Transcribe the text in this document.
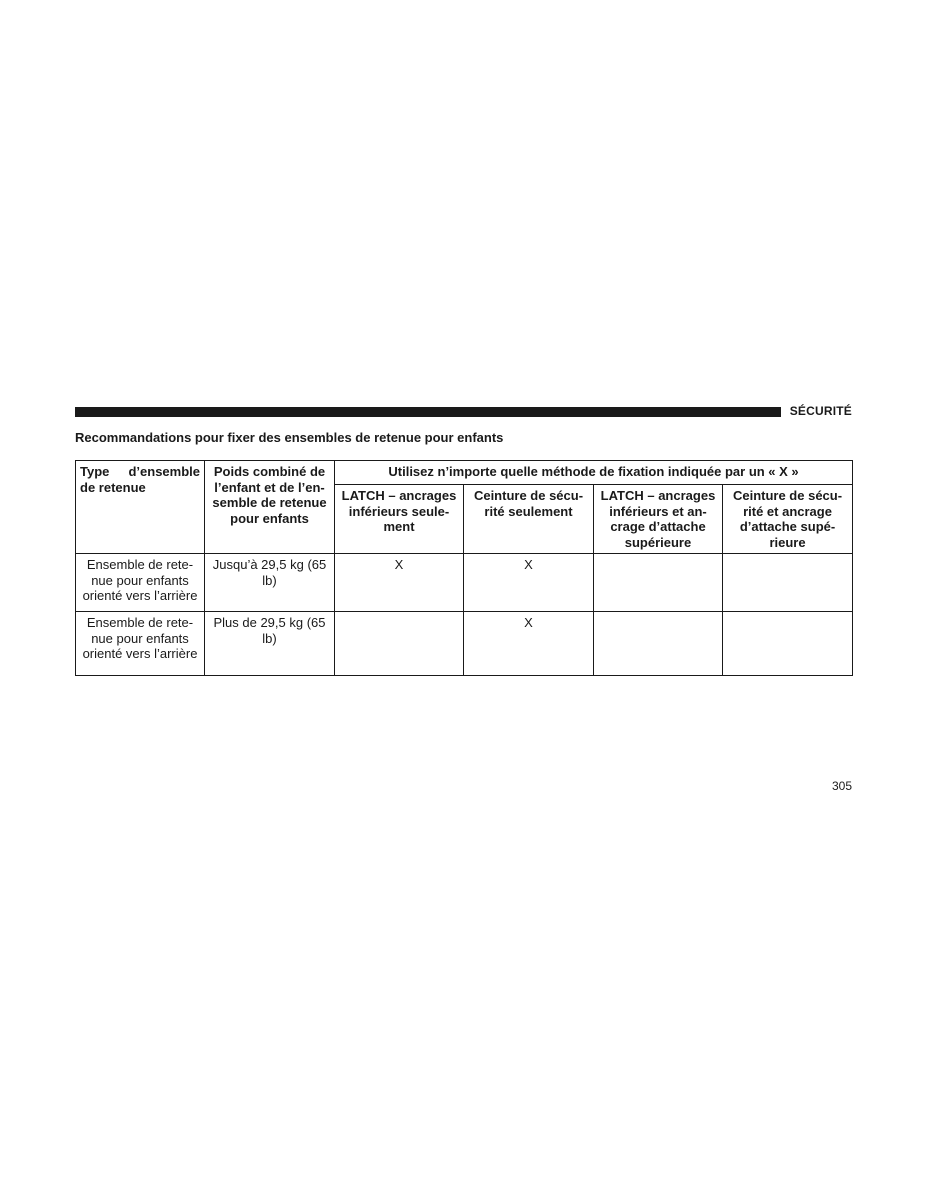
SÉCURITÉ
Recommandations pour fixer des ensembles de retenue pour enfants
Type d’ensemble de retenue	Poids combiné de l’enfant et de l’en-semble de retenue pour enfants	Utilisez n’importe quelle méthode de fixation indiquée par un « X »			
		LATCH – ancrages inférieurs seule-ment	Ceinture de sécu-rité seulement	LATCH – ancrages inférieurs et an-crage d’attache supérieure	Ceinture de sécu-rité et ancrage d’attache supé-rieure
Ensemble de rete-nue pour enfants orienté vers l’arrière	Jusqu’à 29,5 kg (65 lb)	X	X		
Ensemble de rete-nue pour enfants orienté vers l’arrière	Plus de 29,5 kg (65 lb)		X		
305
